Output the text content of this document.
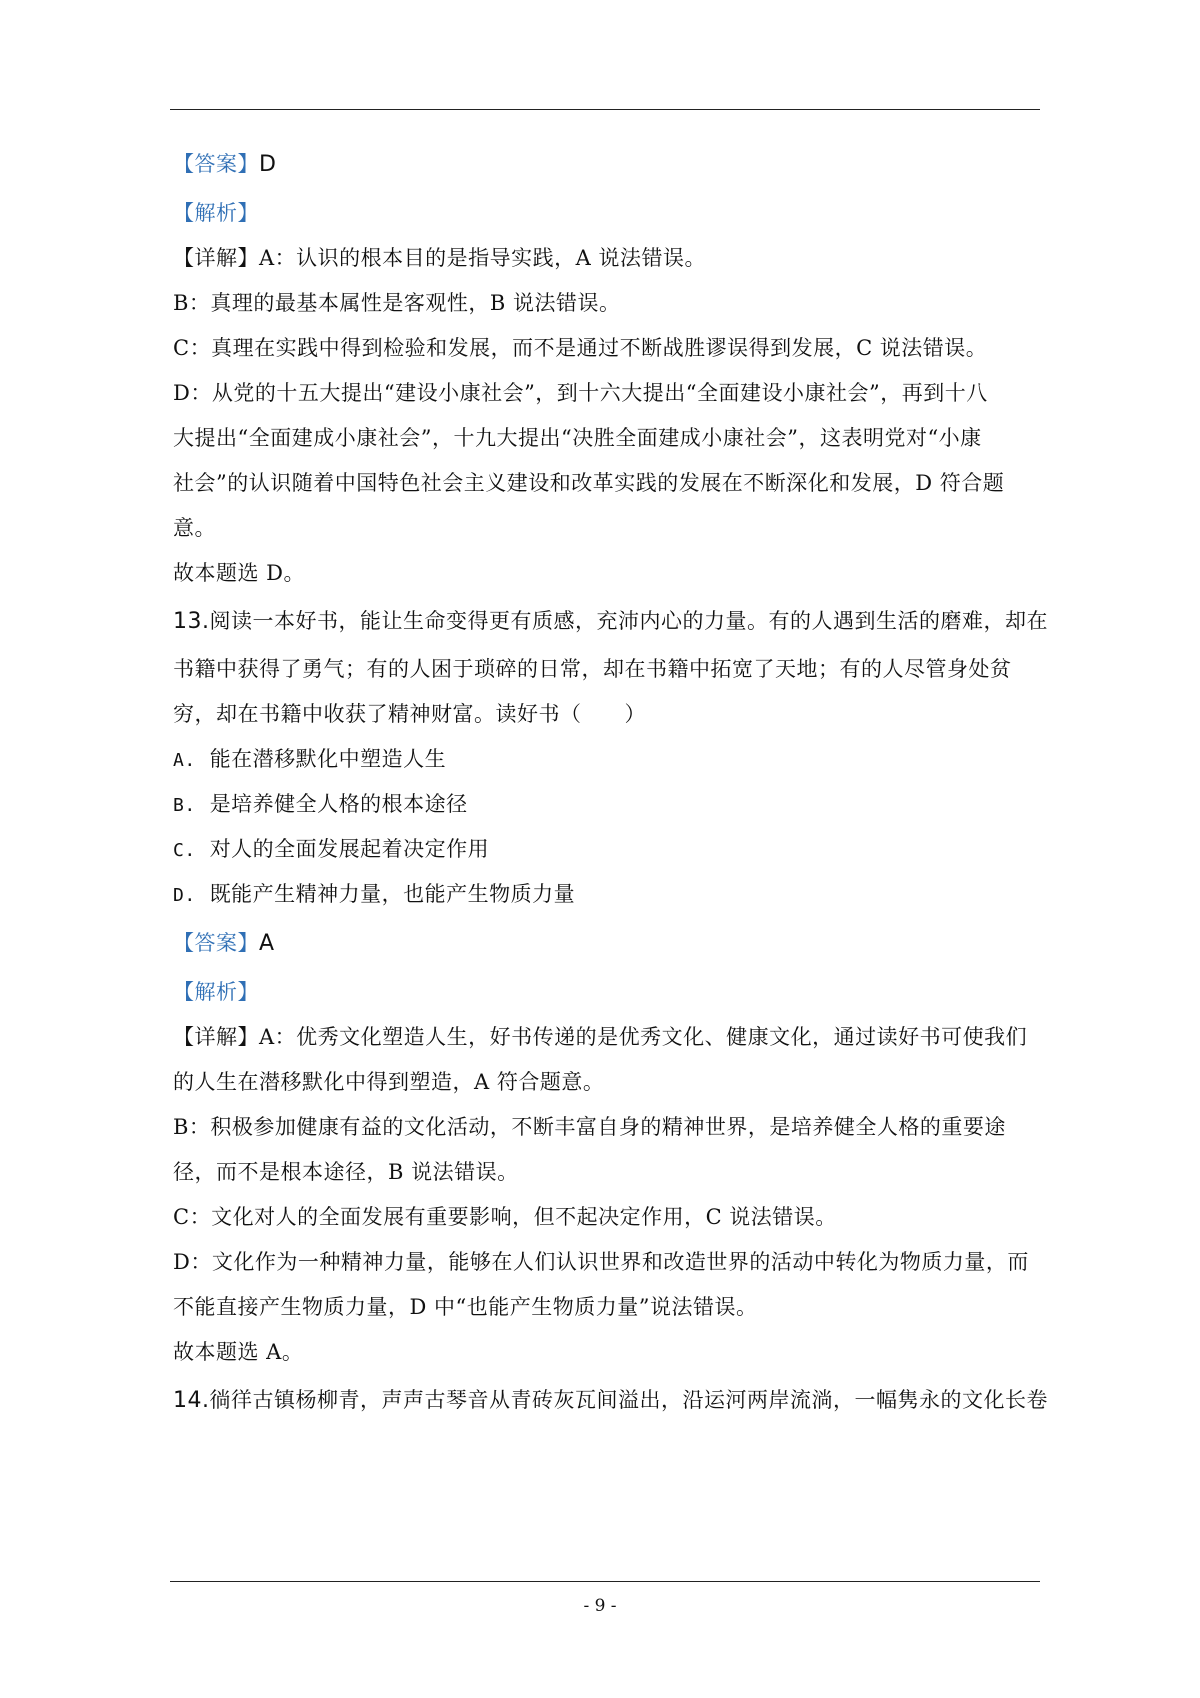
【答案】D
【解析】
【详解】A：认识的根本目的是指导实践，A 说法错误。
B：真理的最基本属性是客观性，B 说法错误。
C：真理在实践中得到检验和发展，而不是通过不断战胜谬误得到发展，C 说法错误。
D：从党的十五大提出“建设小康社会”，到十六大提出“全面建设小康社会”，再到十八
大提出“全面建成小康社会”，十九大提出“决胜全面建成小康社会”，这表明党对“小康
社会”的认识随着中国特色社会主义建设和改革实践的发展在不断深化和发展，D 符合题
意。
故本题选 D。
13.阅读一本好书，能让生命变得更有质感，充沛内心的力量。有的人遇到生活的磨难，却在
书籍中获得了勇气；有的人困于琐碎的日常，却在书籍中拓宽了天地；有的人尽管身处贫
穷，却在书籍中收获了精神财富。读好书（　　）
A. 能在潜移默化中塑造人生
B. 是培养健全人格的根本途径
C. 对人的全面发展起着决定作用
D. 既能产生精神力量，也能产生物质力量
【答案】A
【解析】
【详解】A：优秀文化塑造人生，好书传递的是优秀文化、健康文化，通过读好书可使我们
的人生在潜移默化中得到塑造，A 符合题意。
B：积极参加健康有益的文化活动，不断丰富自身的精神世界，是培养健全人格的重要途
径，而不是根本途径，B 说法错误。
C：文化对人的全面发展有重要影响，但不起决定作用，C 说法错误。
D：文化作为一种精神力量，能够在人们认识世界和改造世界的活动中转化为物质力量，而
不能直接产生物质力量，D 中“也能产生物质力量”说法错误。
故本题选 A。
14.徜徉古镇杨柳青，声声古琴音从青砖灰瓦间溢出，沿运河两岸流淌，一幅隽永的文化长卷
- 9 -
